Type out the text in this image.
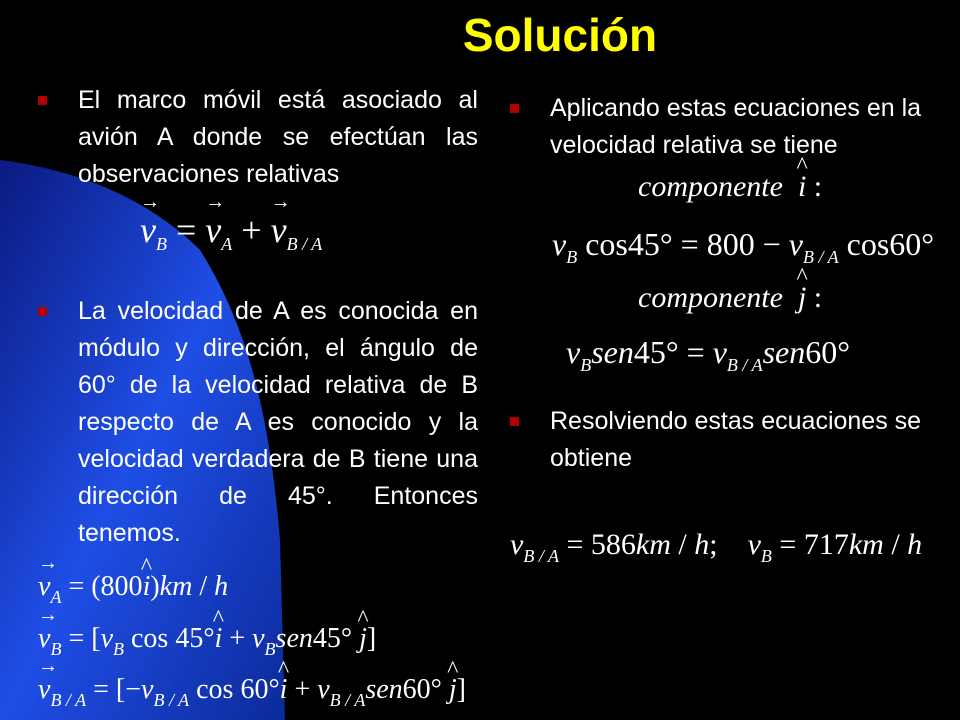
Solución
El marco móvil está asociado al avión A donde se efectúan las observaciones relativas
→ $v_B$ = → $v_A$ + → $v_{B / A}$
La velocidad de A es conocida en módulo y dirección, el ángulo de 60° de la velocidad relativa de B respecto de A es conocido y la velocidad verdadera de B tiene una dirección de 45°. Entonces tenemos.
Aplicando estas ecuaciones en la velocidad relativa se tiene
componente ^ i :
$v_B$ $\cos 45^\circ = 800 - v_{B / A}$ cos60°
componente ^ j :
$v_Bsen45^\circ = v_{B / A}sen60^\circ$
Resolviendo estas ecuaciones se obtiene
$v_{B / A} = 586km / h$;    $v_B = 717km / h$
→ $v_A$ = (800^ i)km / h
→ $v_B = [v_B$ cos 45°^ $i + v_Bsen45^\circ$ ^ j]
→ $v_{B / A} = [-v_{B / A}$ cos 60°^ $i + v_{B / A}sen60^\circ$ ^ j]
